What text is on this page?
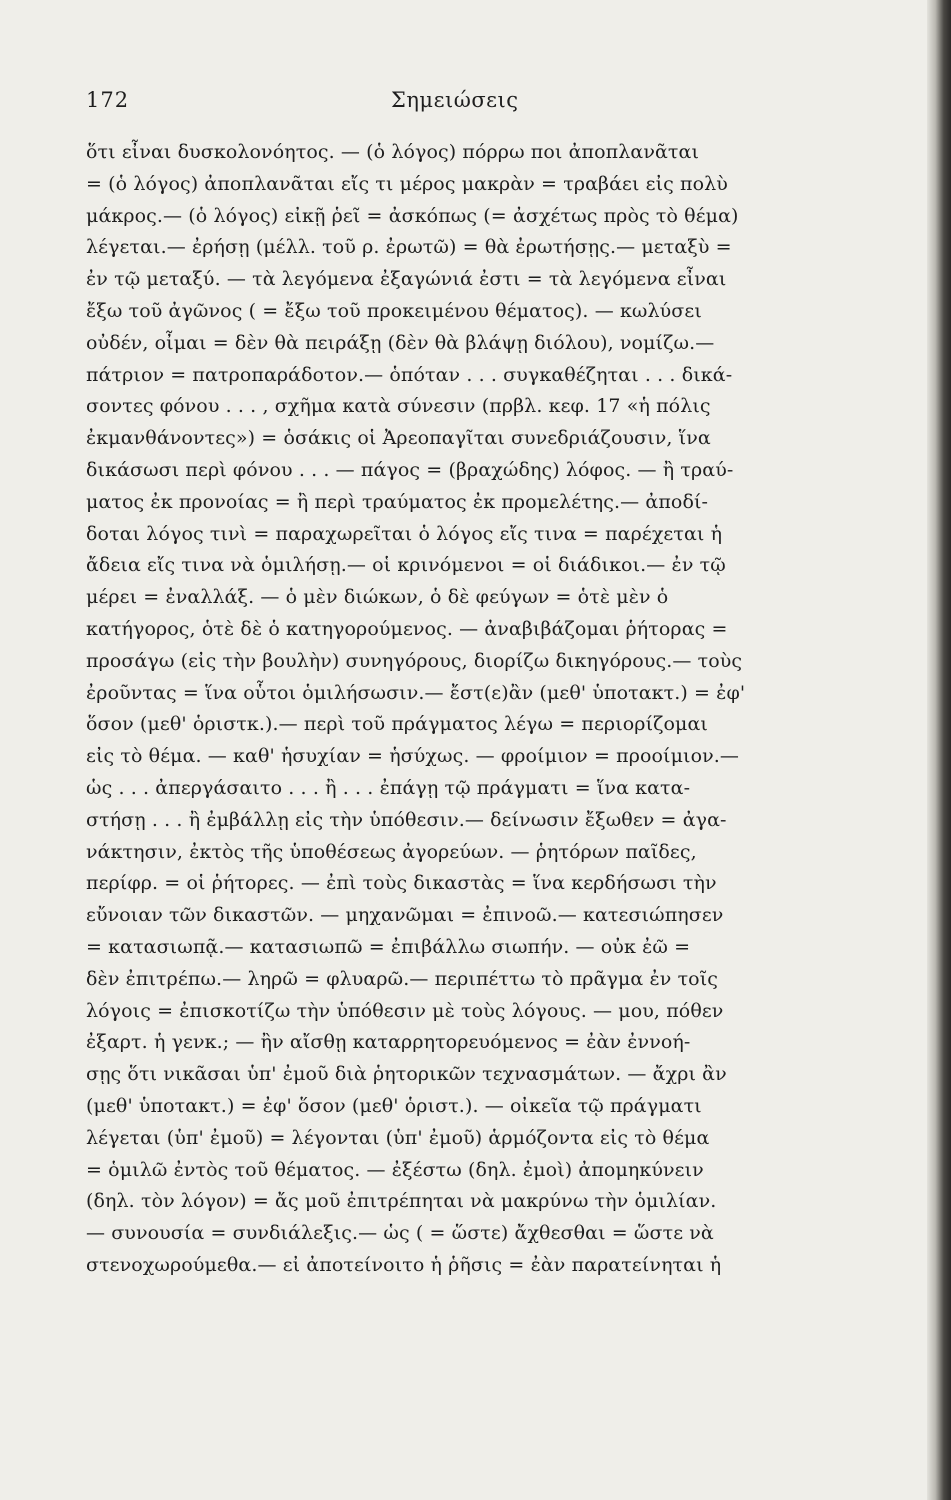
172	Σημειώσεις
ὅτι εἶναι δυσκολονόητος. — (ὁ λόγος) πόρρω ποι ἀποπλανᾶται
= (ὁ λόγος) ἀποπλανᾶται εἴς τι μέρος μακρὰν = τραβάει εἰς πολὺ
μάκρος.— (ὁ λόγος) εἰκῇ ῥεῖ = ἀσκόπως (= ἀσχέτως πρὸς τὸ θέμα)
λέγεται.— ἐρήσῃ (μέλλ. τοῦ ρ. ἐρωτῶ) = θὰ ἐρωτήσῃς.— μεταξὺ =
ἐν τῷ μεταξύ. — τὰ λεγόμενα ἐξαγώνιά ἐστι = τὰ λεγόμενα εἶναι
ἔξω τοῦ ἀγῶνος ( = ἔξω τοῦ προκειμένου θέματος). — κωλύσει
οὐδέν, οἶμαι = δὲν θὰ πειράξῃ (δὲν θὰ βλάψῃ διόλου), νομίζω.—
πάτριον = πατροπαράδοτον.— ὁπόταν . . . συγκαθέζηται . . . δικά-
σοντες φόνου . . . , σχῆμα κατὰ σύνεσιν (πρβλ. κεφ. 17 «ἡ πόλις
ἐκμανθάνοντες») = ὁσάκις οἱ Ἀρεοπαγῖται συνεδριάζουσιν, ἵνα
δικάσωσι περὶ φόνου . . . — πάγος = (βραχώδης) λόφος. — ἢ τραύ-
ματος ἐκ προνοίας = ἢ περὶ τραύματος ἐκ προμελέτης.— ἀποδί-
δοται λόγος τινὶ = παραχωρεῖται ὁ λόγος εἴς τινα = παρέχεται ἡ
ἄδεια εἴς τινα νὰ ὁμιλήσῃ.— οἱ κρινόμενοι = οἱ διάδικοι.— ἐν τῷ
μέρει = ἐναλλάξ. — ὁ μὲν διώκων, ὁ δὲ φεύγων = ὁτὲ μὲν ὁ
κατήγορος, ὁτὲ δὲ ὁ κατηγορούμενος. — ἀναβιβάζομαι ῥήτορας =
προσάγω (εἰς τὴν βουλὴν) συνηγόρους, διορίζω δικηγόρους.— τοὺς
ἐροῦντας = ἵνα οὗτοι ὁμιλήσωσιν.— ἔστ(ε)ἂν (μεθ' ὑποτακτ.) = ἐφ'
ὅσον (μεθ' ὁριστκ.).— περὶ τοῦ πράγματος λέγω = περιορίζομαι
εἰς τὸ θέμα. — καθ' ἡσυχίαν = ἡσύχως. — φροίμιον = προοίμιον.—
ὡς . . . ἀπεργάσαιτο . . . ἢ . . . ἐπάγῃ τῷ πράγματι = ἵνα κατα-
στήσῃ . . . ἢ ἐμβάλλῃ εἰς τὴν ὑπόθεσιν.— δείνωσιν ἔξωθεν = ἀγα-
νάκτησιν, ἐκτὸς τῆς ὑποθέσεως ἀγορεύων. — ῥητόρων παῖδες,
περίφρ. = οἱ ῥήτορες. — ἐπὶ τοὺς δικαστὰς = ἵνα κερδήσωσι τὴν
εὔνοιαν τῶν δικαστῶν. — μηχανῶμαι = ἐπινοῶ.— κατεσιώπησεν
= κατασιωπᾷ.— κατασιωπῶ = ἐπιβάλλω σιωπήν. — οὐκ ἐῶ =
δὲν ἐπιτρέπω.— ληρῶ = φλυαρῶ.— περιπέττω τὸ πρᾶγμα ἐν τοῖς
λόγοις = ἐπισκοτίζω τὴν ὑπόθεσιν μὲ τοὺς λόγους. — μου, πόθεν
ἐξαρτ. ἡ γενκ.; — ἢν αἴσθῃ καταρρητορευόμενος = ἐὰν ἐννοή-
σῃς ὅτι νικᾶσαι ὑπ' ἐμοῦ διὰ ῥητορικῶν τεχνασμάτων. — ἄχρι ἂν
(μεθ' ὑποτακτ.) = ἐφ' ὅσον (μεθ' ὁριστ.). — οἰκεῖα τῷ πράγματι
λέγεται (ὑπ' ἐμοῦ) = λέγονται (ὑπ' ἐμοῦ) ἁρμόζοντα εἰς τὸ θέμα
= ὁμιλῶ ἐντὸς τοῦ θέματος. — ἐξέστω (δηλ. ἐμοὶ) ἀπομηκύνειν
(δηλ. τὸν λόγον) = ἄς μοῦ ἐπιτρέπηται νὰ μακρύνω τὴν ὁμιλίαν.
— συνουσία = συνδιάλεξις.— ὡς ( = ὥστε) ἄχθεσθαι = ὥστε νὰ
στενοχωρούμεθα.— εἰ ἀποτείνοιτο ἡ ῥῆσις = ἐὰν παρατείνηται ἡ
